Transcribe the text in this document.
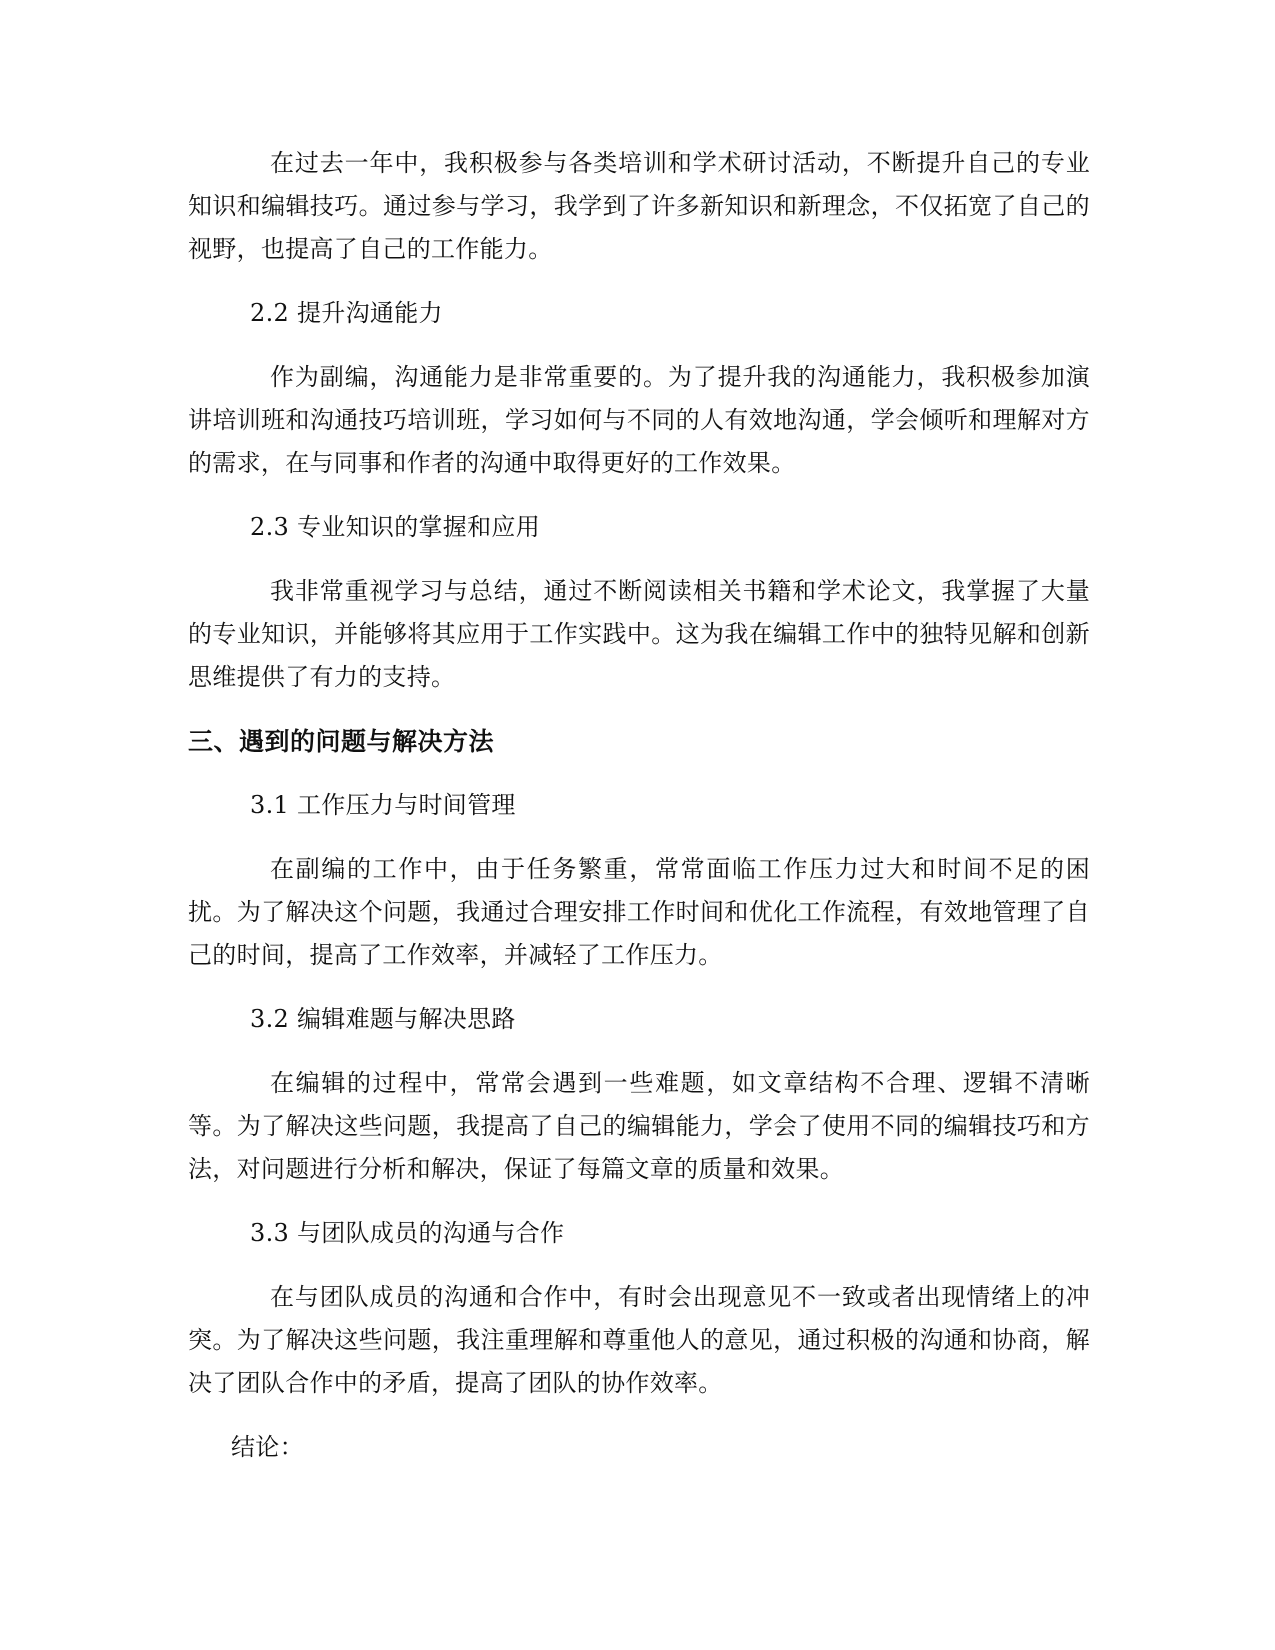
在过去一年中，我积极参与各类培训和学术研讨活动，不断提升自己的专业知识和编辑技巧。通过参与学习，我学到了许多新知识和新理念，不仅拓宽了自己的视野，也提高了自己的工作能力。

2.2 提升沟通能力

作为副编，沟通能力是非常重要的。为了提升我的沟通能力，我积极参加演讲培训班和沟通技巧培训班，学习如何与不同的人有效地沟通，学会倾听和理解对方的需求，在与同事和作者的沟通中取得更好的工作效果。

2.3 专业知识的掌握和应用

我非常重视学习与总结，通过不断阅读相关书籍和学术论文，我掌握了大量的专业知识，并能够将其应用于工作实践中。这为我在编辑工作中的独特见解和创新思维提供了有力的支持。

三、遇到的问题与解决方法

3.1 工作压力与时间管理

在副编的工作中，由于任务繁重，常常面临工作压力过大和时间不足的困扰。为了解决这个问题，我通过合理安排工作时间和优化工作流程，有效地管理了自己的时间，提高了工作效率，并减轻了工作压力。

3.2 编辑难题与解决思路

在编辑的过程中，常常会遇到一些难题，如文章结构不合理、逻辑不清晰等。为了解决这些问题，我提高了自己的编辑能力，学会了使用不同的编辑技巧和方法，对问题进行分析和解决，保证了每篇文章的质量和效果。

3.3 与团队成员的沟通与合作

在与团队成员的沟通和合作中，有时会出现意见不一致或者出现情绪上的冲突。为了解决这些问题，我注重理解和尊重他人的意见，通过积极的沟通和协商，解决了团队合作中的矛盾，提高了团队的协作效率。

结论：
